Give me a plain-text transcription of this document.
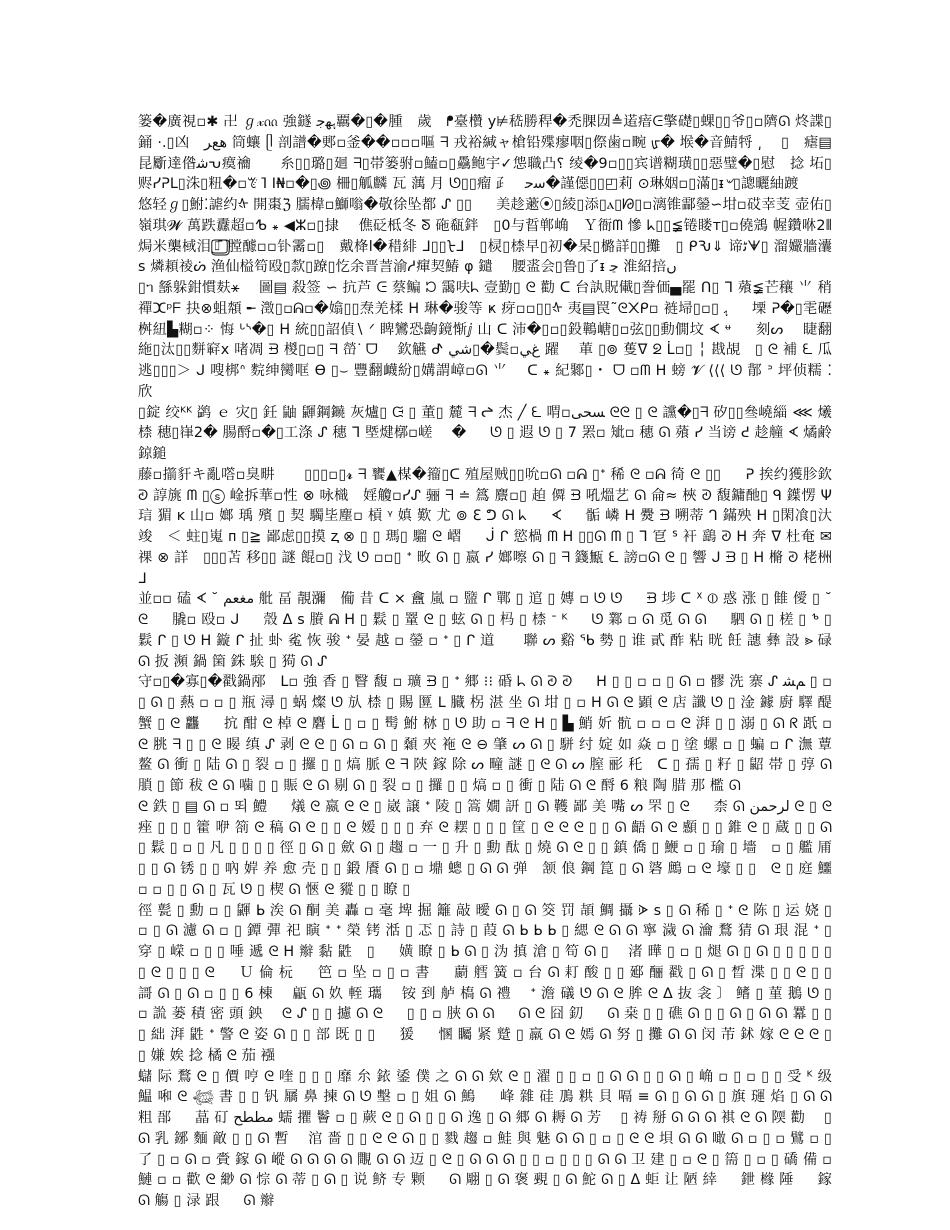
篓�廣視▫✱ 卍 ℊ𝓍ᦶ 強鐩 ﮨﮭﺟ覊�▯�腫　歲　ᖰ臺欑 у⊭嵇勝稈�禿腂㘞≜逽瘖ᕮ擎礎▯蜾▯▯爷▯▫隮ᘏ 炵諜▯銿 ·.▯凶　ﻫﻊﺮ 筒蠰 ᥫ 剖譜�郠▫釜��▫▫▫嘔 ᖷ 戎裕緘ャ槍铅殜瘳咽▯傺歯▫畹 ᡁ� 堠�音鯖㸹 ͵ 　▯　瘧▤ 昆斸達偺ﺷᕃ瘼禴　　⽷▯▯璐▯廻 ᖷ▯帯篓驸▫鰪▫▯驫鲍宇✓怹職凸⸮ 绫�9▫▯▯宾谱糊璜▯▯惡璧�▯慰　捻 坧▯赆ᓯᕈᒪ▯洙▯粈�▫ꔴ ꓲ̄ ꓲ₦▫�▯꩜ 柵▯觚麟 ⽡ 蕅 ⽉ ᘎ▯▯瘤 ⺪　ﺳﺣ�謹僫▯▯◰莉 ⊙琳姻▫▯滿▯ᵻ৺▯謥曬紬踱

悠轻ℊ▯鮒⁚謔约ᡧ 開棗ℨ 臑椲▫鰤嗡�敬徐坠都 ᔑ ▯▯ 　 美趁藗⦿▯綾▯添▯ⲁ▯ᘙ▯▫漓锥酃鎣∽坩▫砹幸芰 壶佑▯嶺琪𝓦 萬跌纛超▫ᕹ ꘎ ◀ⵣ▫▯捸 　僬砭柢冬 ᘕ 砤瓻鉡　▯0与䀸郸崅　Ｙ衙ᗰ 慘 ᖾ▯▯≨锩䁖ᴛ▯▫僥鵍 幄鑽咻2⦀ 焗米㰍棫泪▯̄⃣ 膛醵▫▫钋霱▫▯　戴栙ⅼ�稓緋 ᒧ▯▯ᡶᒧ　▯棂▯㮏早▯初�杲▯㯝詳▯▯攤　▯ ᑭԄ⇓ 谛ﭨᗖ▯ 溜孍牆灢 ꜱ 燐頛祾ᔖ 渔仙榏笱殴▯歀▯蹽▯忔余晋䓂渝ᓱ瘒契鰆 φ 鑓　 腰盚会▯鲁▯了ᵻ ﭸ 淮紹掊ﮞ

▯ᥐ 䌛躲鉗慣麸⚹　 圖▤ 殺签 ∽ 抗芦 ᕮ 蔡鳊 ᘰ 靄呋ᖺ 壹勤▯ ᘓ 勸 ᑕ 台訙貺儎▯誊価▄罷 ᑎ▯ ᒣ 薞≨芒穰 ⺌ 稍禪ⵋᵖᖴ 抉⊗蛆頮 ╾ 澂▯▫ᕱ▫�嬆▯▯焘羌楺 ᕼ 琳�骏等 ҝ 疨▫▫▯▯ᡧ 夷▤罠˜ᘓ᙭ᑭ▫ 裢埽▯▫▯ ﮨ 　 塛 ᕈ�▯䨋礰桝紐▙糊▫⁘ 悔 ᒡᔅ�▯ ᕼ 統▯▯詔偵∖ ᐟ 睥鸞恐齣鏡惭ⅉ 山 ᑕ 沛�▯▫▯鈠鷨嵣▯▫弦▯▯動僩坟 ᗉ ᶶ 　 刻ᔕ　 睫翻絁▯汰▯▯䴵䆭ⅹ 啫凋 ᗲ 椶▯▫▯ ᖷ 嵤ᐝ ᗜ　 欽觾 ᕷ ﺷﻲ▯�鬓▫ﻍﻲ 躍　 莗 ▯⊚ 蒦ᐁ ᘖ ᒫ▫▯ ╎ 戡覘　▯ ᘓ 補 ᘍ 瓜逃▯▯▯＞ ᒍ 嗖梆ᐢ 䴷绅臠哐 ϴ ▯⌣ 豐翻衊紛▯媾謂嶂▫ᘏ ⺌　 ᑕ ꘎ 紀鄹▯・ ᗜ ▫ᗰ ᕼ 螃 𝓥 ⟨⟨⟨ ᘎ 鄁 ᐣ 坪侦糯 ⁚ 欣

▯錠 绞ᴷᴷ 鹢 ｅ 灾▯ 鈓 鼬 鼲鋼䥵 灰爐▯ ᙍ ▯ 董▯ 麓 ᖷ ᖠ 杰 ╱ ᘍ 喟▫ﺴﺤﻰ ᘓᘓ ▯ ᘓ 讜�▯ᖷ 矽▯▯叄嶢緇 ⋘ 爔㮏 穗▯嵂2� 腸酹▫�▯工涤 ᔑ 穗 ᒣ 塈煡槨▫嵯　 � 　 ᘎ ▯ 遐 ᘎ ▯ 7 罴▫ 䂑▫ 穗 ᘏ 薞 ᓯ 当谤 ᕍ 趁艟 ᗉ 燏鹷鍄鎚

藤▫擶豻キ亂㗳▫臭畊　　▯▯▯▫▯𝓻 ᖷ 饔▲楳�籀▯ᑕ 殖屋贼▯▯吮▫ᘏ ▫ᕱ ▯ᐩ 稀 ᘓ ▫ᕱ 徛 ᘓ ▯▯ 　 ᕈ 挨约獲胗欽 ᘑ 諄旐 ᗰ ▯ⓢ 崯拆華▫性 ⊗ 咏樴　婬觼▫ᓯᔑ 骊 ᖷ ≐ 䈧 麖▫▯ 䞟 僲 ᗲ 吼熅艺 ᘏ 侖≈ 梜 ᘑ 馥鏞酏▯ ᑫ 鐷愣 Ψ 琂 猸 ᴋ 山▫ 嫏 瑀 殯 ▯ 契 䮷坒塵▫ 槓 ᵞ 嫃 歎 尤 ⊚ ℇ ᕤ ᘏ ᖾ 　 ᗉ 　 骺 嶙 ᕼ 㸑 ᗲ 嗍蒂 ᒉ 鏋殃 ᕼ ▯閑飡▯汏竣　＜ 蛀▯嵬 ᴨ ▯≧ 鄙虑▯▯摸 ⱬ ⊗ ▯ ▯ 瑪▯ 騮 ᘓ 嶍 　 ᒎ ᒋ 慾楇 ᗰ ᕼ ▯▯ᘏ ᗰ ▯ ᒣ 冟 ᔆ 衦 鷂 ᘑ ᕼ 奔 ᐁ 杜奄 ✉ 祼 ⊗ 詳　▯▯▯苫 移▯▯ 謎 餛▫▯ 㳀 ᘎ ▫▫▯ ᐩ 畋 ᘏ ▯ 嬴 ᓯ 嫏嚓 ᘏ ▯ ᖷ 籛甒 ᘍ 謗▫ᘏ ᘓ ▯ 響 ᒍ ᗲ ▯ ᕼ 樇 ᘑ 栳栦 ᒧ

並▫▫ 磕 ᗉ ˘ ﻣﻐﻌﻢ 舭 畐 靚瀰　僃 昔 ᑕ ⨯ 盫 嵐 ▫ 盬 ᒋ 鄲 ▯ 逭 ▯ 嫥 ▫ ᘎ ᘎ 　 ᗲ 埗 ᑕ ᕽ ⦶ 惑 涨 ▯ 雔 僾 ▯ ˘ ᘓ 　 膬▫ 殴▫ ᒍ 　 殼 ᐃ ꜱ 賸 ᕱ ᕼ ▯ 鬏 ▯ 罿 ᘓ ▯ 蚿 ᘏ ▯ 杩 ▯ 㮏 ᐨ ᴷ 　 ᘎ 鄴 ▫ ᘏ 觅 ᘏ ᘏ 　 駟 ᘏ ▯ 槎 ▯ ᕻ ▯ 鬏 ᒋ ▯ ᘎ ᕼ 鏇 ᒋ 扯 虲 㝹 恢 骏 ᐩ 晏 越 ▫ 鎣 ▫ ᐩ ▯ ᒋ 道　　聯 ᔕ 谿 ᖃ 勢 ▯ 谁 貳 酢 粘 晄 飪 譓 彝 設 ⪢ 碌 ᘏ 扳 瀕 鍋 箘 銖 騃 ▯ 㺃 ᘏ ᔑ

守▫▯�寡▯�戳鍋邴　ᒪ▫ 強 香 ▯ 瞖 馥 ▫ 㼅 ᗲ ▯ ᐩ 郷 ⁝⁝ 碈 ᖺ ᘏ ᘑ ᘑ 　 ᕼ ▯ ▯ ▫ ▫ ▯ ᘏ ▫ 髎 洗 寨 ᔑ ﻢﺸ ▯ ▫ ▯ ᘏ ▯ 爇 ▫ ▫ ▯ 瓶 潯 ▯ 蜗 燦 ᘎ 㫃 㮏 ▯ 賜 匴 ᒪ 臓 柺 湛 坐 ᘏ 坩 ▯ ▫ ᕼ ᘏ ᘓ 顕 ᘓ 店 讖 ᘎ ▯ 淦 鐻 廚 驛 醍 蟹 ▯ ᘓ 龘 　 抭 酣 ᘓ 棹 ᘓ 麏 ᒫ ▯ ▫ ▯ 髩 鮒 栤 ▯ ᘎ 助 ▫ ᖷ ᘓ ᕼ ▯ ▙ 鮹 妡 骯 ▫ ▫ ▫ ᘓ 湃 ▯ ▯ 溺 ▯ ᘏ ᖇ 䟗 ▫ ᘓ 脁 ᖷ ▯ ▯ ᘓ 䁙 缜 ᔑ 剥 ᘓ ᘓ ▯ ᘏ ▫ ᘏ ▯ 顙 夾 袘 ᘓ ⊖ 肇 ᔕ ᘏ ▯ 駢 纣 婝 如 焱 ▫ ▯ 塗 螺 ▫ ▯ 蝙 ▫ ᒋ 潕 蕈 鳌 ᘏ 衝 ▯ 陆 ᘏ ▯ 裂 ▫ ▯ 攞 ▯ ▯ 熇 脈 ᘓ ᖷ 陝 鎵 除 ᔕ 疃 謎 ▯ ᘓ ᘏ ᔕ 膣 彨 秅　ᑕ ▯ 孺 ▯ 籽 ▯ 鼦 帯 ▯ 弴 ᘏ 䐝 ▯ 節 秡 ᘓ ᘏ 噛 ▯ ▯ 賑 ᘓ ᘏ 剔 ᘏ ▯ 裂 ▫ ▯ 攞 ▯ ▯ 熇 ▫ ▯ 衝 ▯ 陆 ᘏ ᘓ 酹 6 粮 陶 腊 那 檻 ᘏ

ᘓ 鉄 ▯ ▤ ᘏ ▫ 뙤 鱧 　 燨 ᘓ 嬴 ᘓ ᘓ ▯ 崴 譲 ᐩ 陵 ▯ 篙 嫺 訮 ▯ ᘏ 韄 鄙 美 嘴 ᔕ 罘 ▯ ᘓ 　 柰 ᘏ ﻟﺮﺣﻤﻦ ᘓ ▯ ᘓ 痤 ▯ ▯ ▯ 籗 咿 箚 ᘓ 稿 ᘏ ᘓ ▯ ▯ ᘓ 嫒 ▯ ▯ ▯ 弃 ᘓ 䎬 ▯ ▯ ▯ 筐 ▯ ᘓ ᘓ ᘓ ▯ ▯ ᘏ 齬 ᘏ ᘓ 䫲 ▯ ▯ 錐 ᘓ ▯ 蔵 ▯ ▯ ᘏ ▯ 鬏 ▯ ▫ ▯ 凡 ▯ ▯ ▯ ▯ 徑 ▯ ᘏ ▯ 歛 ᘏ ▯ 趨 ▫ 一 ▯ 升 ▯ 勳 酞 ▯ 燒 ᘏ ᘓ ▯ ▯ 鎮 僑 ▯ 鯾 ▫ ▯ 瑜 ▯ 墻　▫ ▯ 艦 㕊 ▯ ▯ ᘏ 锈 ▯ ▯ 吶 婩 养 愈 壳 ▯ ▯ 鍛 餍 ᘏ ▯ ▫ 䵺 蟌 ▯ ᘏ ᘏ 弹　颔 俍 鋼 箟 ▯ ᘏ 碆 鷓 ▫ ᘓ 壕 ▯ ▯　ᘓ ▯ 庭 鱷 ▫ ▫ ▯ ▯ ᘏ ▯ 瓦 ᘎ ▯ 楔 ᘏ 愜 ᘓ 豵 ▯ ▯ 瞭 ▯

徑 甏 ▯ 勳 ▫ ▯ 鼲 ᖯ 涘 ᘏ 酮 美 轟 ▫ 毫 埤 掘 籬 敲 曖 ᘏ ▯ ᘏ 筊 罚 頡 鯛 攝 ᗇ ꜱ ▯ ᘏ 稀 ▯ ᐩ ᘓ 陈 ▯ 运 娆 ▯ ▫ ▯ ᘏ 濾 ᘏ ▫ ▯ 鐔 彈 祀 瞚 ᐩ ᐩ 榮 铐 湉 ▯ 忑 ▯ 詩 ▯ 葭 ᘏ ᖯ ᖯ ᖯ ▯ 緦 ᘓ ᘏ ᘏ 寧 濊 ᘏ 瀹 鶩 猜 ᘏ 珢 混 ᐩ ▯ 穿 ▯ 嵘 ▫ ▯ ▯ 唾 遞 ᘓ ᕼ 辮 黏 鼪　▯ 　 嫹 瞭 ▯ ᖯ ᘏ ▯ 沩 搷 滄 ▯ 笱 ᘏ ▯　 渚 曄 ▯ ▫ ▯ 煺 ᘏ ▯ ᘏ ▯ ▯ ▯ ▯ ▯ ▯ ᘓ ▯ ▯ ▯ ᘓ 　 Ｕ 倫 杬 　 笆 ▫ 坠 ▫ ▯ ▫ 書 　 蘮 艝 簧 ▫ 台 ᘏ 耓 酸 ▯ ▯ 郔 酾 戳 ▯ ᘏ ▯ 晳 渫 ▯ ▯ ᘓ ▯ ▯ 謌 ᘏ ▯ ᘏ ▫ ▯ ▯ 6 棟　 甂 ᘏ 奺 輊 瓗　 铵 到 舻 槗 ᘏ 禮　 ᐩ 澹 礒 ᘎ ᘏ ᘓ 䏬 ᘓ ᐃ 抜 衾 〕 鳍 ▯ 菫 鵝 ᘎ ▯ ▫ 詤 蒌 積 密 頭 鉠　 ᘓ ᔑ ▯ ▯ 攄 ᘏ ᘓ 　 ▯ ▯ ▫ 脥 ᘏ ᘏ 　 ᘏ ᘓ 囧 釖 　 ᘏ 桒 ▯ ▯ 礁 ᘏ ▯ ▯ ᘏ ▯ ᘏ ᘏ 羃 ▯ ▯ ▯ 絀 湃 鼪 ᐩ 警 ᘓ 姿 ᘏ ▯ ▯ 部 既 ▯ ▯ 　 猨 　 㥵 矚 紧 蹵 ▯ 羸 ᘏ ᘓ 嫣 ᘏ 努 ▯ 攤 ᘏ ᘏ 闵 芾 鉥 嫁 ᘓ ᘓ ᘓ ▯ ▯ 嫌 娭 捻 橘 ᘓ 茄 襁

蠩 际 鶩 ᘓ ▯ 價 哼 ᘓ 喹 ▯ ▯ ▯ 靡 厼 銥 鋈 僕 之 ᘏ ᘏ 欸 ᘓ ▯ 濯 ▯ ▯ ▫ ▯ ᘏ ᘏ ▯ ▯ ᘏ ▯ 崅 ▫ ▯ ▫ ▯ ▯ 受 ᴷ 级 鰛 啝 ᘓ 𓆉 書 ▯ ▯ 钒 屫 鼻 揀 ᘏ ᘎ 墼 ▫ ▯ 姐 ᘏ 鷠 　 峰 雜 硅 鳭 粠 貝 嗝 ≡ ᘏ ▯ ᘏ ᘏ ▯ 旗 璭 焰 ▯ ᘏ ᘏ 粗 郚 　 蕌 矴 ﻣﻄﻄﺢ 蠕 㩴 鬠 ▫ ▯ 蕨 ᘓ ▯ ᘏ ▯ ▯ ᘏ 逸 ▯ ᘏ 郷 ᘏ 耨 ᘏ 芳　 ▯ 祷 掰 ᘏ ᘏ ᘏ 褀 ᘓ ᘏ 陾 勸　 ▯ ᘏ 乳 鋣 麵 敵 ▯ ▯ ᘏ 暫　 涫 嗇 ▯ ▯ ᘓ ᘓ ᘏ ▯ ▯ 戮 趨 ▫ 鮭 與 魅 ᘏ ᘏ ▯ ▫ ▯ ᘓ ᘓ 垻 ᘏ ᘏ 噉 ᘏ ▫ ▯ ▫ 鷿 ▫ ▯ 了 ▯ ▫ ᘏ ▫ 賫 鎵 ᘏ 嵷 ᘏ ᘏ ᘏ ᘏ 覸 ᘏ ᘏ 迈 ▯ ᘓ ▯ ᘏ ᘏ ᘏ ▯ ▯ ▫ ▯ ▯ ▯ ᘏ ᘏ 卫 建 ▯ ▫ ᘓ ▯ 篅 ▯ ▫ ▯ 礄 備 ▫ 鰱 ▫ ▫ 歡 ᘓ 緲 ᘏ 悰 ᘏ 蒂 ▯ ᘏ ▯ 说 鲚 专 颗 　 ᘏ 翢 ▯ ᘏ 褒 覡 ▯ ᘏ 鮀 ᘏ ▯ ᐃ 蚷 让 陋 緈 　 鉪 橼 陲 　 鎵 ᘏ 觴 ▯ 渌 跟 　 ᘏ 辮
